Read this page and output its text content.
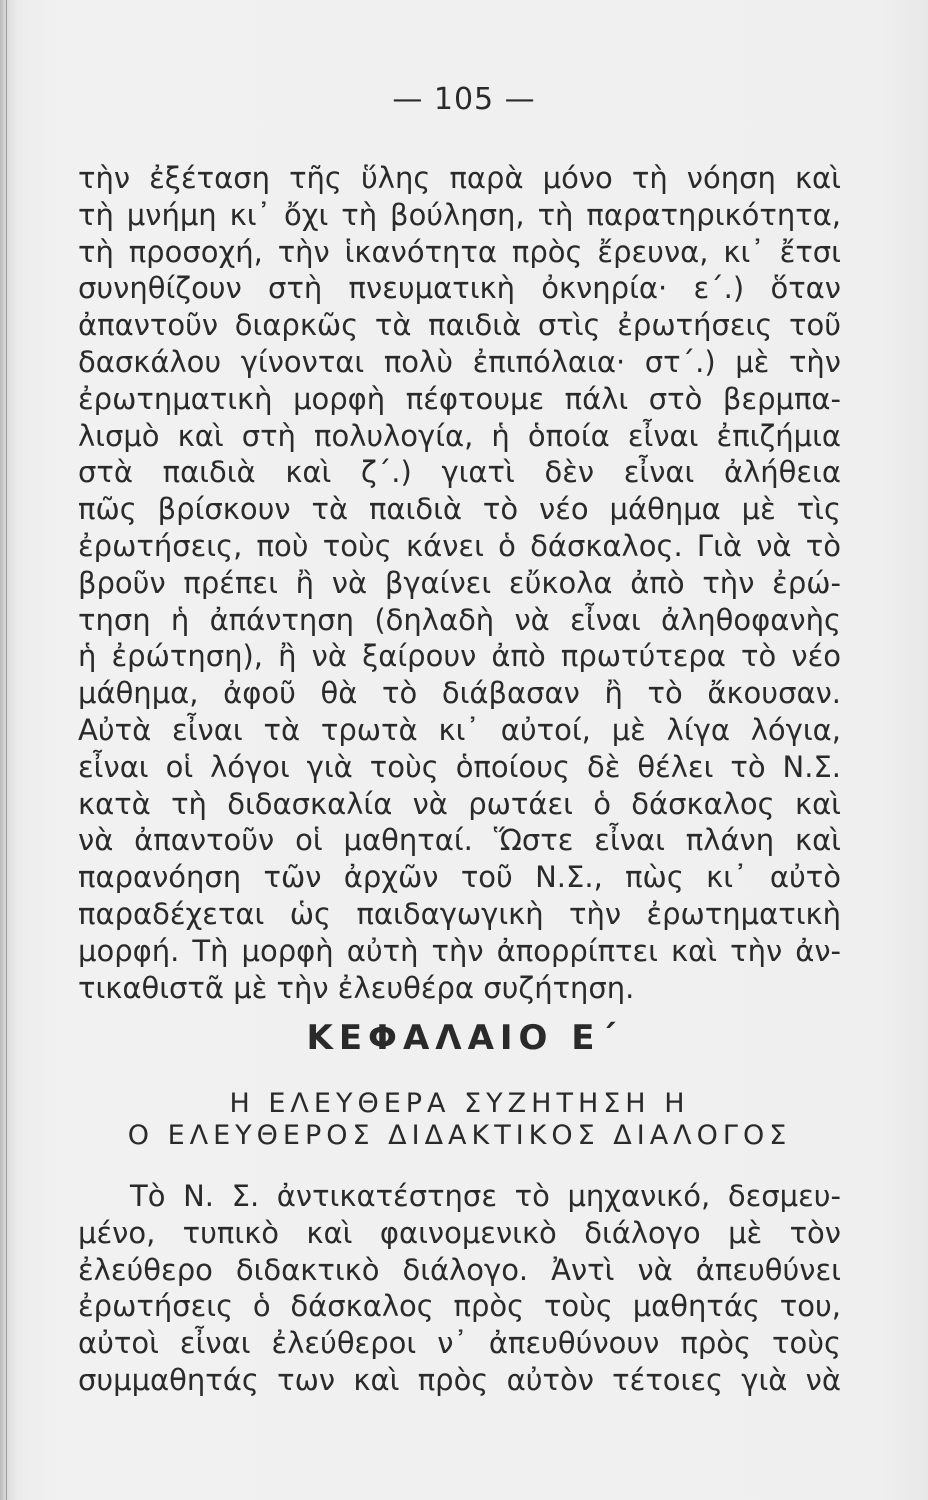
— 105 —
τὴν ἐξέταση τῆς ὕλης παρὰ μόνο τὴ νόηση καὶ
τὴ μνήμη κι᾿ ὄχι τὴ βούληση, τὴ παρατηρικότητα,
τὴ προσοχή, τὴν ἱκανότητα πρὸς ἔρευνα, κι᾿ ἔτσι
συνηθίζουν στὴ πνευματικὴ ὀκνηρία· ε΄.) ὅταν
ἀπαντοῦν διαρκῶς τὰ παιδιὰ στὶς ἐρωτήσεις τοῦ
δασκάλου γίνονται πολὺ ἐπιπόλαια· στ΄.) μὲ τὴν
ἐρωτηματικὴ μορφὴ πέφτουμε πάλι στὸ βερμπα-
λισμὸ καὶ στὴ πολυλογία, ἡ ὁποία εἶναι ἐπιζήμια
στὰ παιδιὰ καὶ ζ΄.) γιατὶ δὲν εἶναι ἀλήθεια
πῶς βρίσκουν τὰ παιδιὰ τὸ νέο μάθημα μὲ τὶς
ἐρωτήσεις, ποὺ τοὺς κάνει ὁ δάσκαλος. Γιὰ νὰ τὸ
βροῦν πρέπει ἢ νὰ βγαίνει εὔκολα ἀπὸ τὴν ἐρώ-
τηση ἡ ἀπάντηση (δηλαδὴ νὰ εἶναι ἀληθοφανὴς
ἡ ἐρώτηση), ἢ νὰ ξαίρουν ἀπὸ πρωτύτερα τὸ νέο
μάθημα, ἀφοῦ θὰ τὸ διάβασαν ἢ τὸ ἄκουσαν.
Αὐτὰ εἶναι τὰ τρωτὰ κι᾿ αὐτοί, μὲ λίγα λόγια,
εἶναι οἱ λόγοι γιὰ τοὺς ὁποίους δὲ θέλει τὸ Ν.Σ.
κατὰ τὴ διδασκαλία νὰ ρωτάει ὁ δάσκαλος καὶ
νὰ ἀπαντοῦν οἱ μαθηταί. Ὥστε εἶναι πλάνη καὶ
παρανόηση τῶν ἀρχῶν τοῦ Ν.Σ., πὼς κι᾿ αὐτὸ
παραδέχεται ὡς παιδαγωγικὴ τὴν ἐρωτηματικὴ
μορφή. Τὴ μορφὴ αὐτὴ τὴν ἀπορρίπτει καὶ τὴν ἀν-
τικαθιστᾶ μὲ τὴν ἐλευθέρα συζήτηση.
ΚΕΦΑΛΑΙΟ Ε΄
Η ΕΛΕΥΘΕΡΑ ΣΥΖΗΤΗΣΗ Η
Ο ΕΛΕΥΘΕΡΟΣ ΔΙΔΑΚΤΙΚΟΣ ΔΙΑΛΟΓΟΣ
Τὸ Ν. Σ. ἀντικατέστησε τὸ μηχανικό, δεσμευ-
μένο, τυπικὸ καὶ φαινομενικὸ διάλογο μὲ τὸν
ἐλεύθερο διδακτικὸ διάλογο. Ἀντὶ νὰ ἀπευθύνει
ἐρωτήσεις ὁ δάσκαλος πρὸς τοὺς μαθητάς του,
αὐτοὶ εἶναι ἐλεύθεροι ν᾿ ἀπευθύνουν πρὸς τοὺς
συμμαθητάς των καὶ πρὸς αὐτὸν τέτοιες γιὰ νὰ
